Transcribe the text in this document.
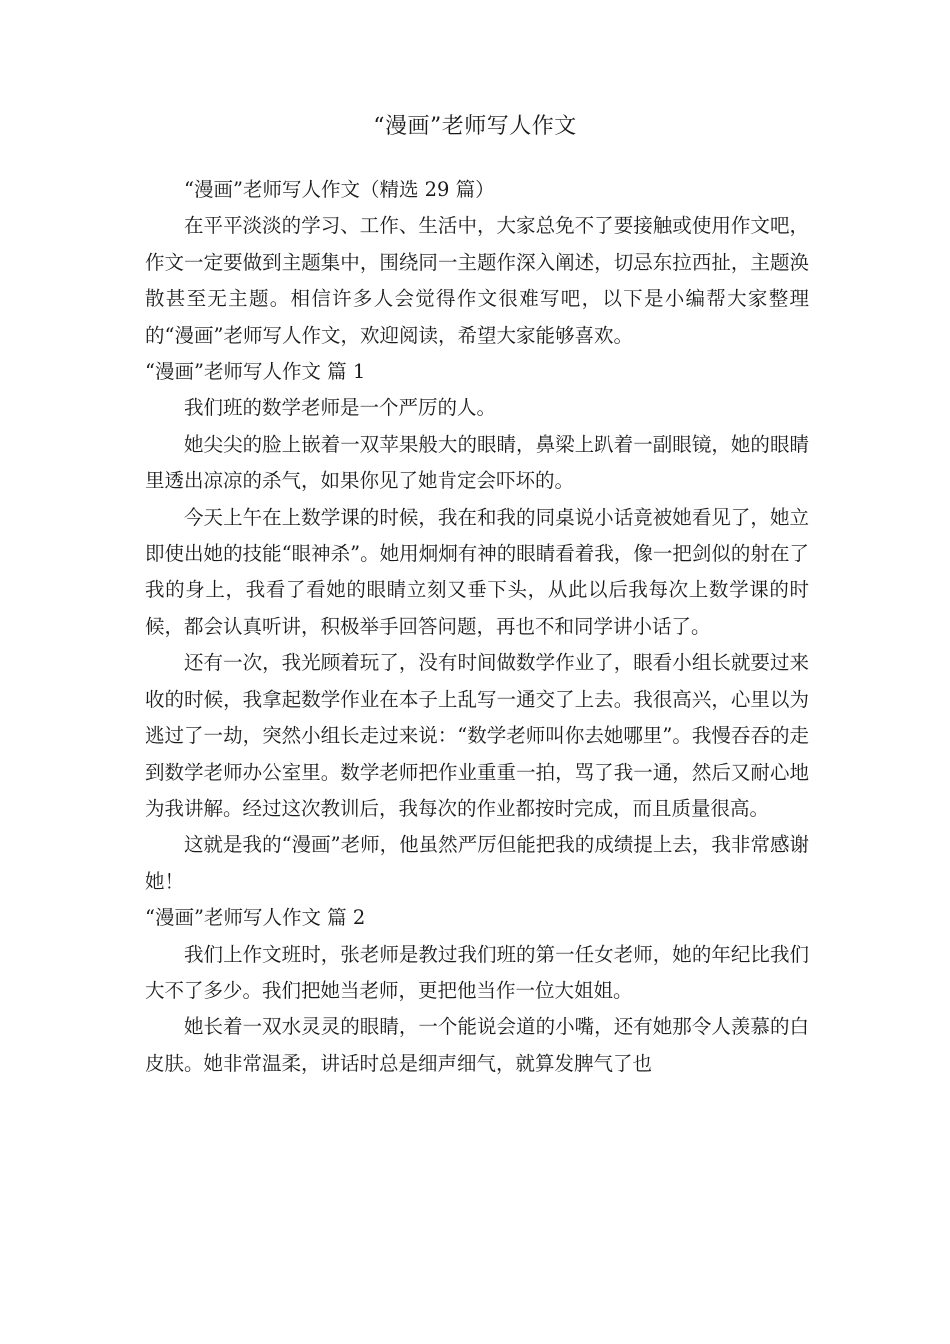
“漫画”老师写人作文

“漫画”老师写人作文（精选 29 篇）

在平平淡淡的学习、工作、生活中，大家总免不了要接触或使用作文吧，作文一定要做到主题集中，围绕同一主题作深入阐述，切忌东拉西扯，主题涣散甚至无主题。相信许多人会觉得作文很难写吧，以下是小编帮大家整理的“漫画”老师写人作文，欢迎阅读，希望大家能够喜欢。

“漫画”老师写人作文 篇 1

我们班的数学老师是一个严厉的人。

她尖尖的脸上嵌着一双苹果般大的眼睛，鼻梁上趴着一副眼镜，她的眼睛里透出凉凉的杀气，如果你见了她肯定会吓坏的。

今天上午在上数学课的时候，我在和我的同桌说小话竟被她看见了，她立即使出她的技能“眼神杀”。她用炯炯有神的眼睛看着我，像一把剑似的射在了我的身上，我看了看她的眼睛立刻又垂下头，从此以后我每次上数学课的时候，都会认真听讲，积极举手回答问题，再也不和同学讲小话了。

还有一次，我光顾着玩了，没有时间做数学作业了，眼看小组长就要过来收的时候，我拿起数学作业在本子上乱写一通交了上去。我很高兴，心里以为逃过了一劫，突然小组长走过来说：“数学老师叫你去她哪里”。我慢吞吞的走到数学老师办公室里。数学老师把作业重重一拍，骂了我一通，然后又耐心地为我讲解。经过这次教训后，我每次的作业都按时完成，而且质量很高。

这就是我的“漫画”老师，他虽然严厉但能把我的成绩提上去，我非常感谢她！

“漫画”老师写人作文 篇 2

我们上作文班时，张老师是教过我们班的第一任女老师，她的年纪比我们大不了多少。我们把她当老师，更把他当作一位大姐姐。

她长着一双水灵灵的眼睛，一个能说会道的小嘴，还有她那令人羡慕的白皮肤。她非常温柔，讲话时总是细声细气，就算发脾气了也
